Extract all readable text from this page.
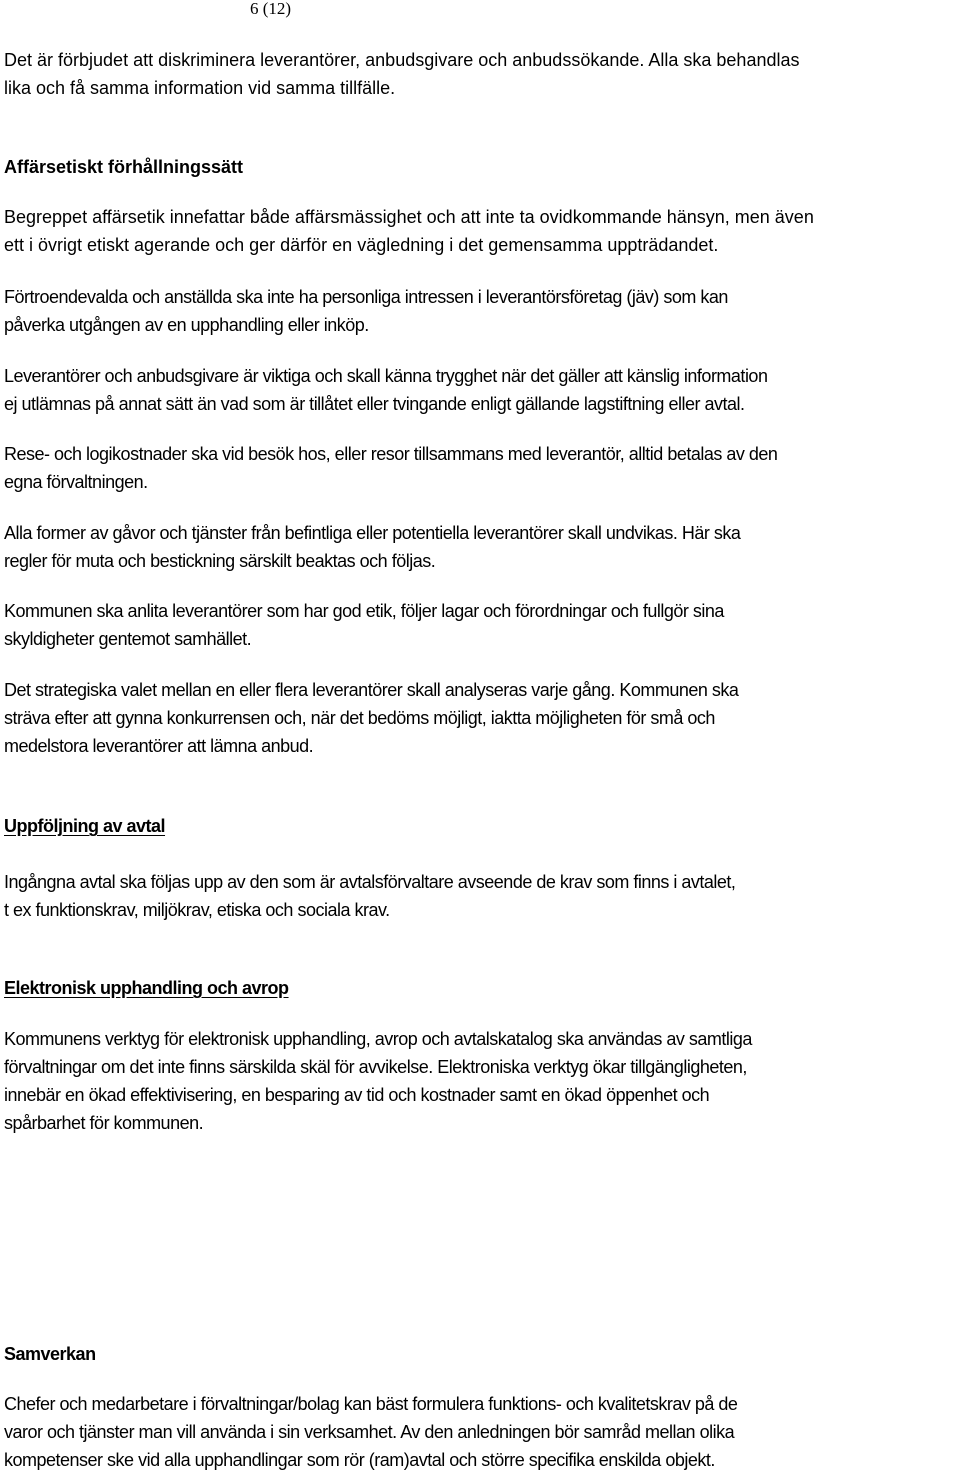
6 (12)

Det är förbjudet att diskriminera leverantörer, anbudsgivare och anbudssökande. Alla ska behandlas
lika och få samma information vid samma tillfälle.

Affärsetiskt förhållningssätt

Begreppet affärsetik innefattar både affärsmässighet och att inte ta ovidkommande hänsyn, men även
ett i övrigt etiskt agerande och ger därför en vägledning i det gemensamma uppträdandet.

Förtroendevalda och anställda ska inte ha personliga intressen i leverantörsföretag (jäv) som kan
påverka utgången av en upphandling eller inköp.

Leverantörer och anbudsgivare är viktiga och skall känna trygghet när det gäller att känslig information
ej utlämnas på annat sätt än vad som är tillåtet eller tvingande enligt gällande lagstiftning eller avtal.

Rese- och logikostnader ska vid besök hos, eller resor tillsammans med leverantör, alltid betalas av den
egna förvaltningen.

Alla former av gåvor och tjänster från befintliga eller potentiella leverantörer skall undvikas. Här ska
regler för muta och bestickning särskilt beaktas och följas.

Kommunen ska anlita leverantörer som har god etik, följer lagar och förordningar och fullgör sina
skyldigheter gentemot samhället.

Det strategiska valet mellan en eller flera leverantörer skall analyseras varje gång. Kommunen ska
sträva efter att gynna konkurrensen och, när det bedöms möjligt, iaktta möjligheten för små och
medelstora leverantörer att lämna anbud.

Uppföljning av avtal

Ingångna avtal ska följas upp av den som är avtalsförvaltare avseende de krav som finns i avtalet,
t ex funktionskrav, miljökrav, etiska och sociala krav.

Elektronisk upphandling och avrop

Kommunens verktyg för elektronisk upphandling, avrop och avtalskatalog ska användas av samtliga
förvaltningar om det inte finns särskilda skäl för avvikelse. Elektroniska verktyg ökar tillgängligheten,
innebär en ökad effektivisering, en besparing av tid och kostnader samt en ökad öppenhet och
spårbarhet för kommunen.

Samverkan

Chefer och medarbetare i förvaltningar/bolag kan bäst formulera funktions- och kvalitetskrav på de
varor och tjänster man vill använda i sin verksamhet. Av den anledningen bör samråd mellan olika
kompetenser ske vid alla upphandlingar som rör (ram)avtal och större specifika enskilda objekt.
